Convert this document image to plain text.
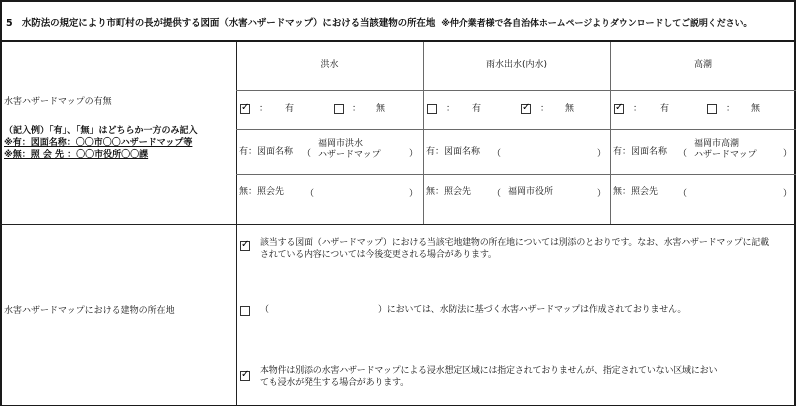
5　水防法の規定により市町村の長が提供する図面（水害ハザードマップ）における当該建物の所在地 ※仲介業者様で各自治体ホームページよりダウンロードしてご説明ください。
水害ハザードマップの有無
（記入例）「有」、「無」はどちらか一方のみ記入
※有：図面名称：〇〇市〇〇ハザードマップ等
※無：照 会 先 ：〇〇市役所〇〇課
洪水	雨水出水(内水)	高潮
✓
： 有	： 無
有：図面名称 （
福岡市洪水
ハザードマップ	）
無：照会先 （	）
： 有
✓	： 無
有：図面名称 （	）
無：照会先 （ 福岡市役所	）
✓
： 有	： 無
有：図面名称 （
福岡市高潮
ハザードマップ	）
無：照会先 （	）
水害ハザードマップにおける建物の所在地
✓
該当する図面（ハザードマップ）における当該宅地建物の所在地については別添のとおりです。なお、水害ハザードマップに記載
されている内容については今後変更される場合があります。
（	）においては、水防法に基づく水害ハザードマップは作成されておりません。
✓
本物件は別添の水害ハザードマップによる浸水想定区域には指定されておりませんが、指定されていない区域におい
ても浸水が発生する場合があります。
